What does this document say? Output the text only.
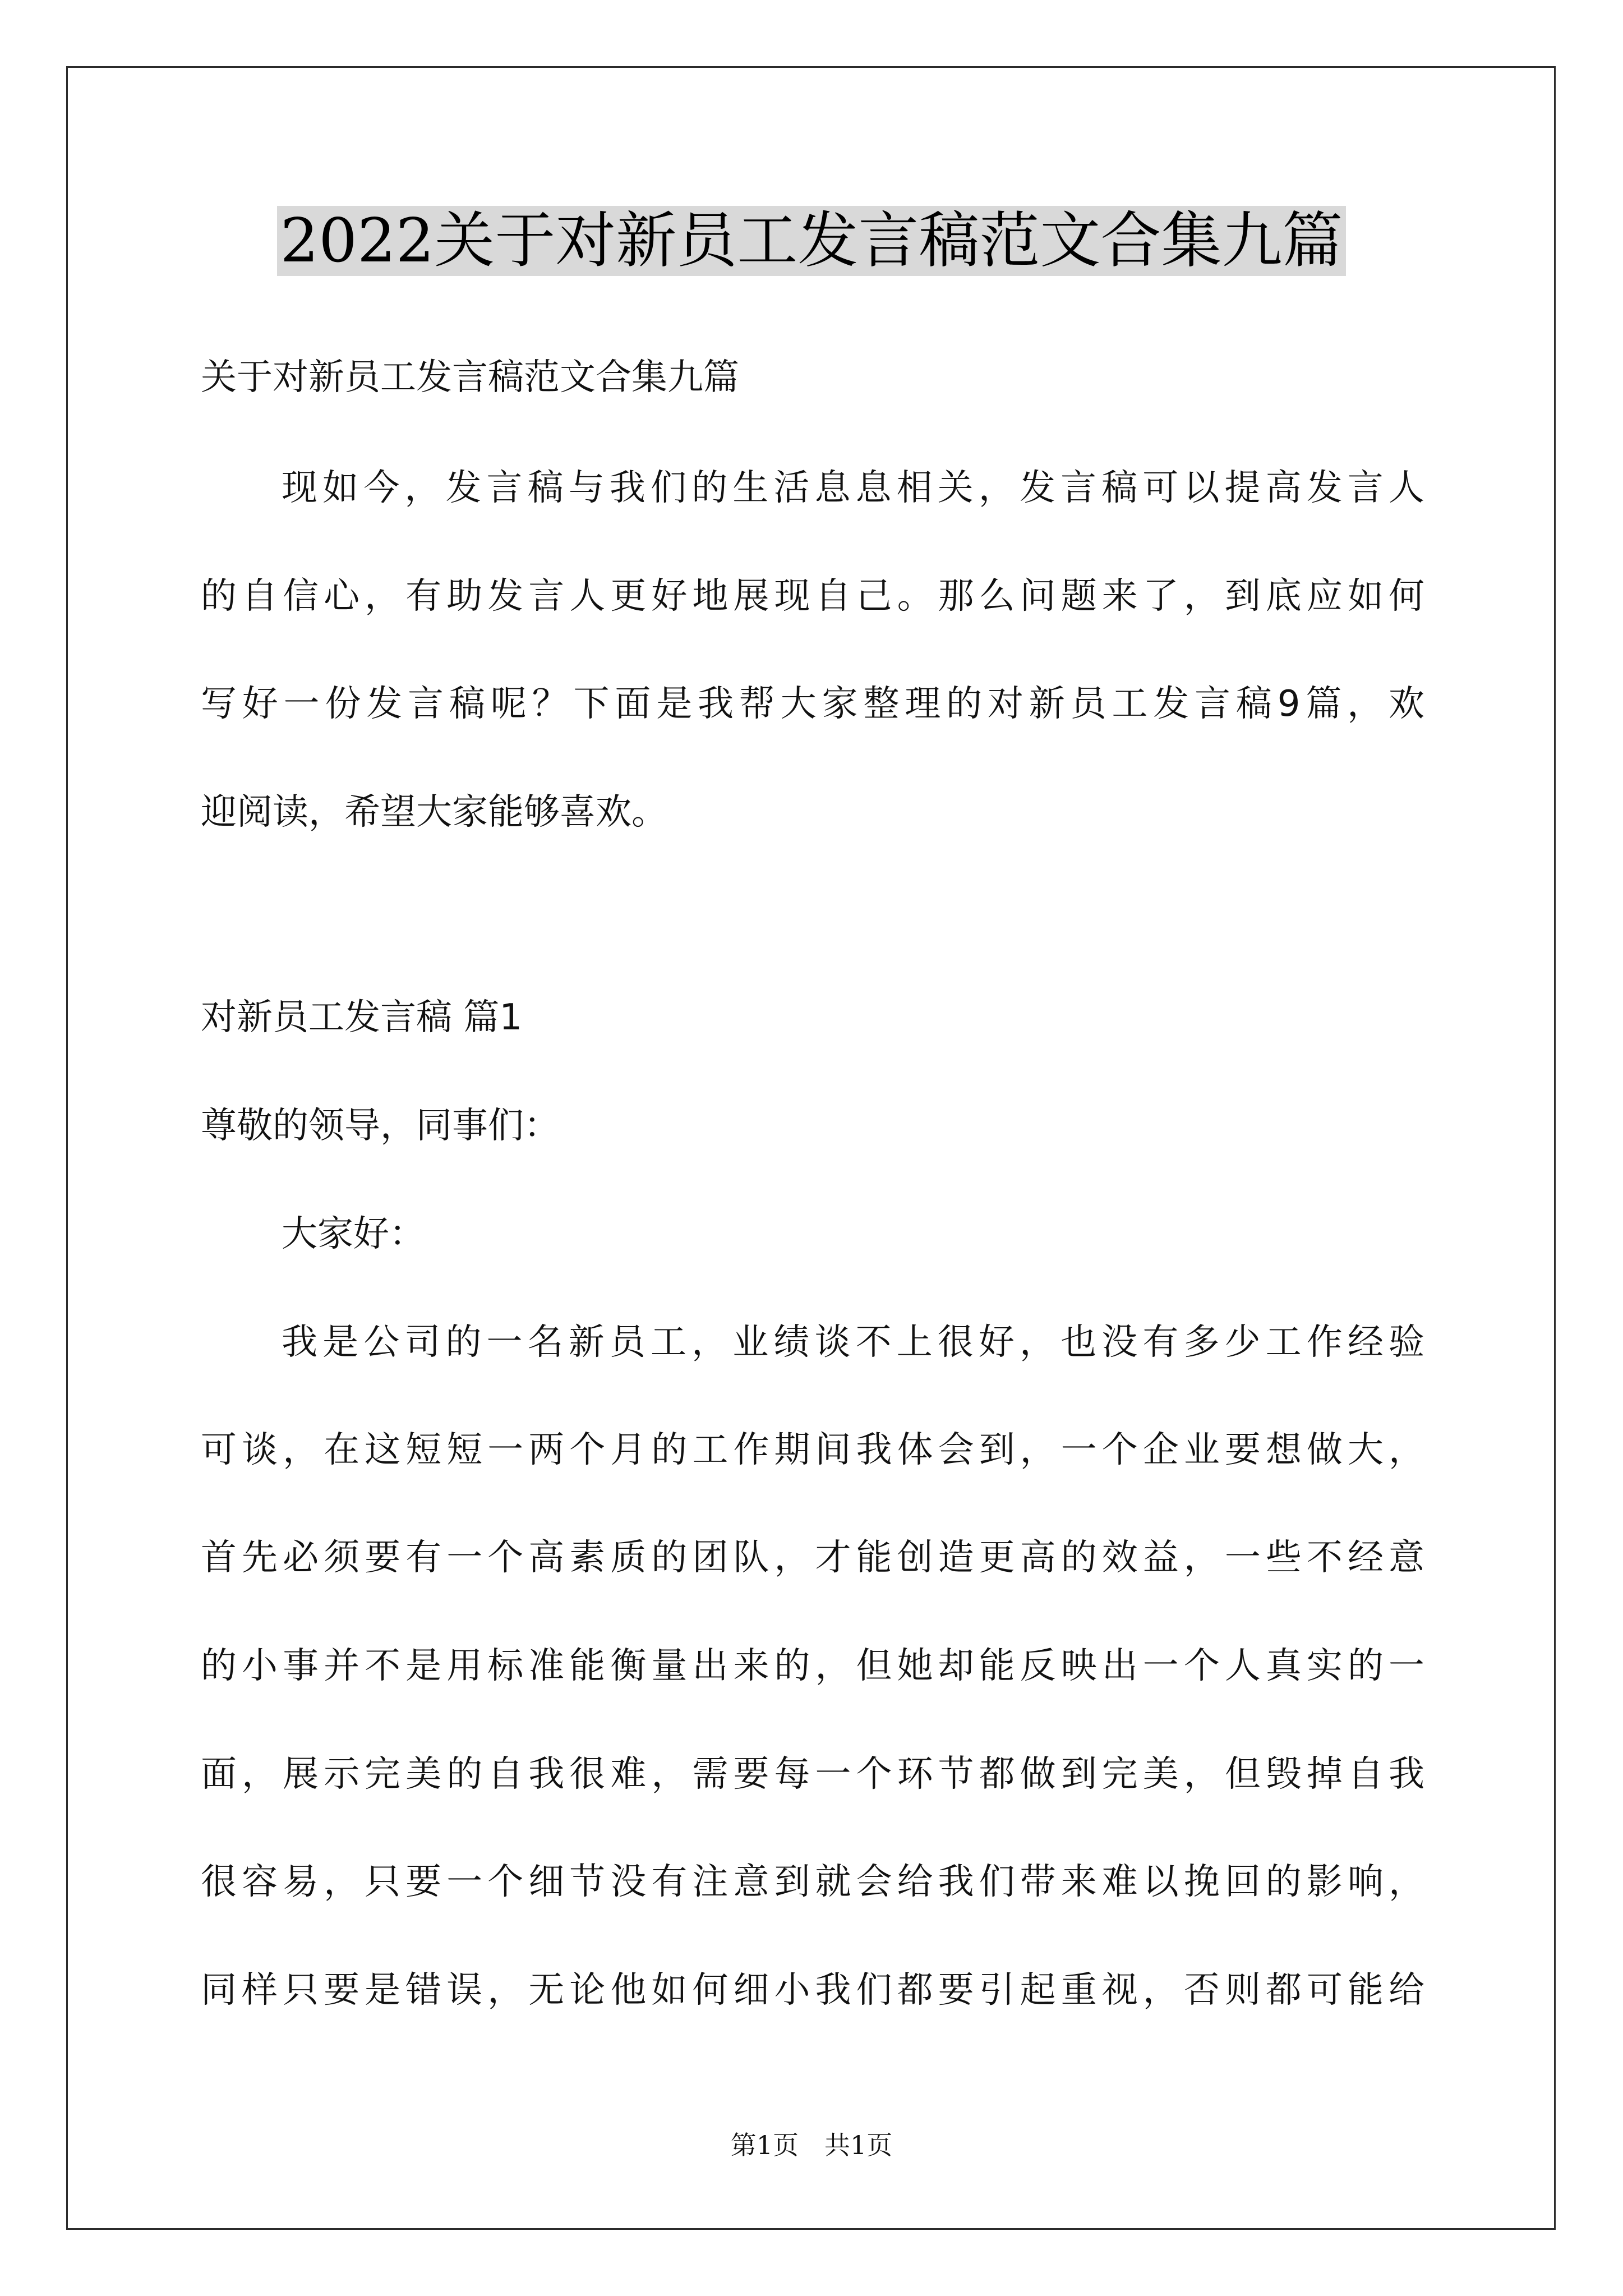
2022关于对新员工发言稿范文合集九篇
关于对新员工发言稿范文合集九篇
现如今，发言稿与我们的生活息息相关，发言稿可以提高发言人
的自信心，有助发言人更好地展现自己。那么问题来了，到底应如何
写好一份发言稿呢？下面是我帮大家整理的对新员工发言稿9篇，欢
迎阅读，希望大家能够喜欢。
对新员工发言稿 篇1
尊敬的领导，同事们：
大家好：
我是公司的一名新员工，业绩谈不上很好，也没有多少工作经验
可谈，在这短短一两个月的工作期间我体会到，一个企业要想做大，
首先必须要有一个高素质的团队，才能创造更高的效益，一些不经意
的小事并不是用标准能衡量出来的，但她却能反映出一个人真实的一
面，展示完美的自我很难，需要每一个环节都做到完美，但毁掉自我
很容易，只要一个细节没有注意到就会给我们带来难以挽回的影响，
同样只要是错误，无论他如何细小我们都要引起重视，否则都可能给
第1页　共1页
